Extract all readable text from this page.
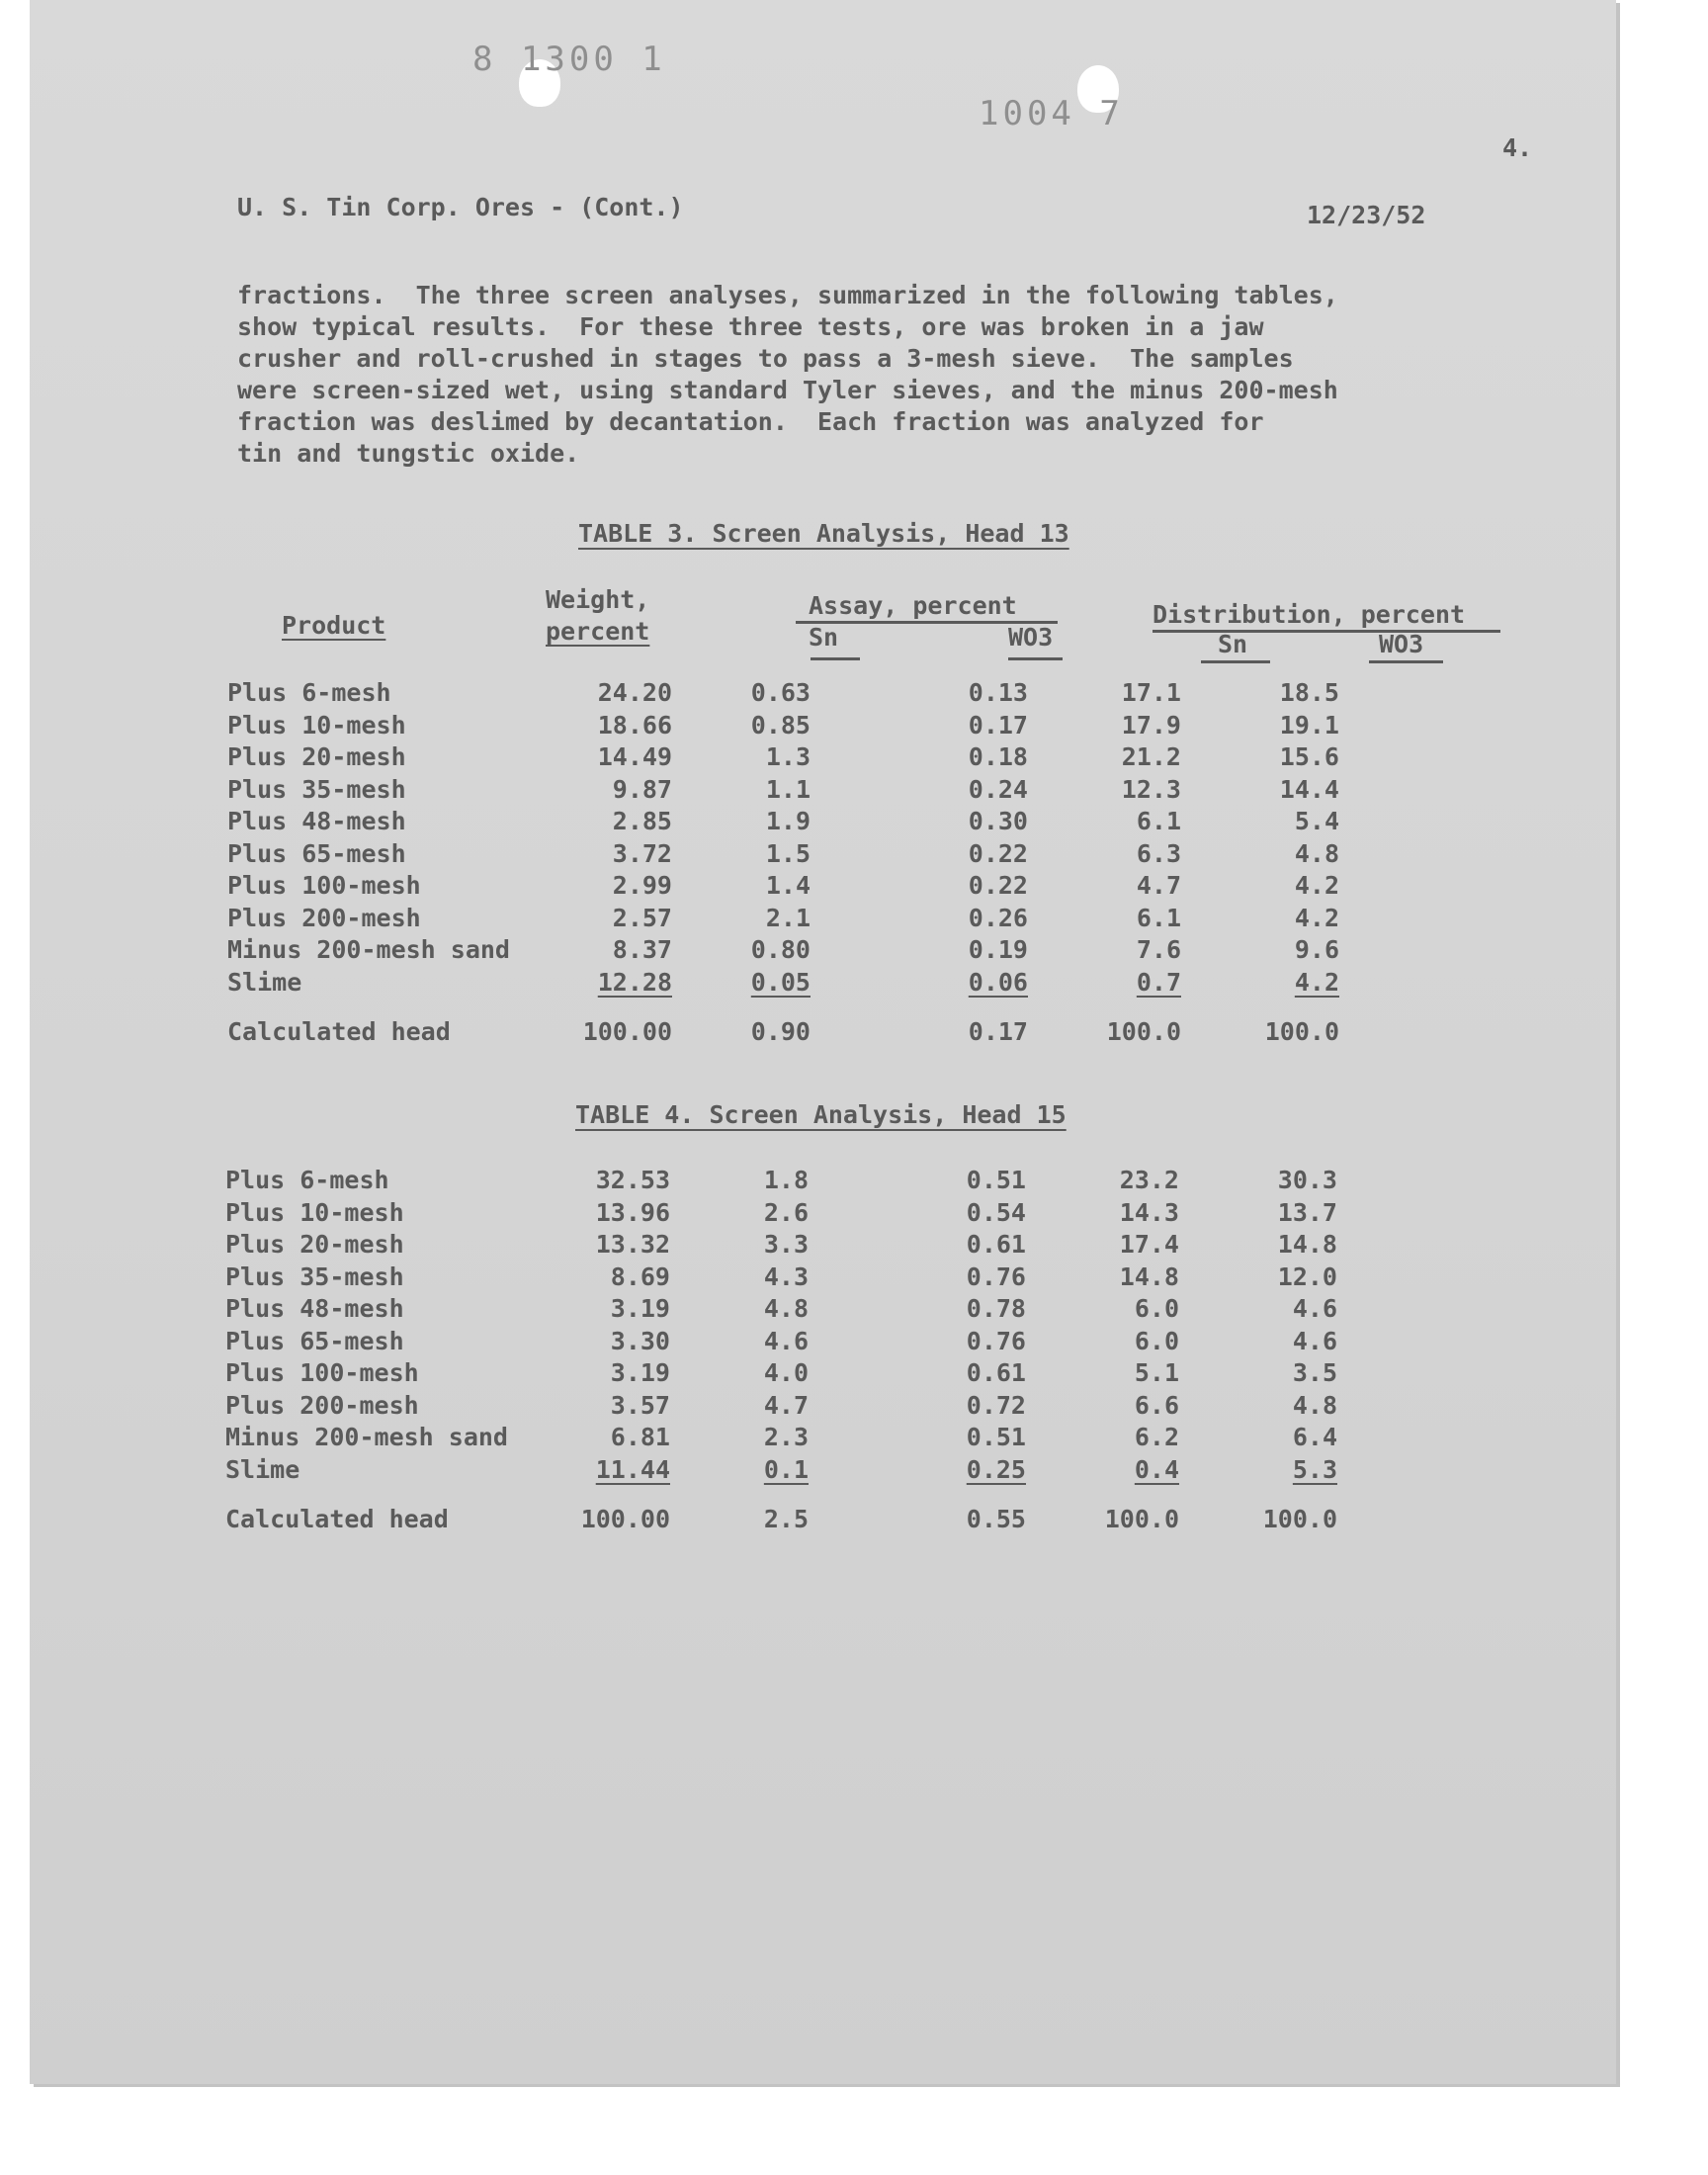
8 1300 1
1004 7
4.
U. S. Tin Corp. Ores - (Cont.)	12/23/52
fractions.  The three screen analyses, summarized in the following tables,
show typical results.  For these three tests, ore was broken in a jaw
crusher and roll-crushed in stages to pass a 3-mesh sieve.  The samples
were screen-sized wet, using standard Tyler sieves, and the minus 200-mesh
fraction was deslimed by decantation.  Each fraction was analyzed for
tin and tungstic oxide.
TABLE 3. Screen Analysis, Head 13
Product
Weight,
percent
Assay, percent
Sn	WO3
Distribution, percent
Sn	WO3
Plus 6-mesh	24.20	0.63	0.13	17.1	18.5
Plus 10-mesh	18.66	0.85	0.17	17.9	19.1
Plus 20-mesh	14.49	1.3	0.18	21.2	15.6
Plus 35-mesh	9.87	1.1	0.24	12.3	14.4
Plus 48-mesh	2.85	1.9	0.30	6.1	5.4
Plus 65-mesh	3.72	1.5	0.22	6.3	4.8
Plus 100-mesh	2.99	1.4	0.22	4.7	4.2
Plus 200-mesh	2.57	2.1	0.26	6.1	4.2
Minus 200-mesh sand	8.37	0.80	0.19	7.6	9.6
Slime	12.28	0.05	0.06	0.7	4.2
Calculated head	100.00	0.90	0.17	100.0	100.0
TABLE 4. Screen Analysis, Head 15
Plus 6-mesh	32.53	1.8	0.51	23.2	30.3
Plus 10-mesh	13.96	2.6	0.54	14.3	13.7
Plus 20-mesh	13.32	3.3	0.61	17.4	14.8
Plus 35-mesh	8.69	4.3	0.76	14.8	12.0
Plus 48-mesh	3.19	4.8	0.78	6.0	4.6
Plus 65-mesh	3.30	4.6	0.76	6.0	4.6
Plus 100-mesh	3.19	4.0	0.61	5.1	3.5
Plus 200-mesh	3.57	4.7	0.72	6.6	4.8
Minus 200-mesh sand	6.81	2.3	0.51	6.2	6.4
Slime	11.44	0.1	0.25	0.4	5.3
Calculated head	100.00	2.5	0.55	100.0	100.0
